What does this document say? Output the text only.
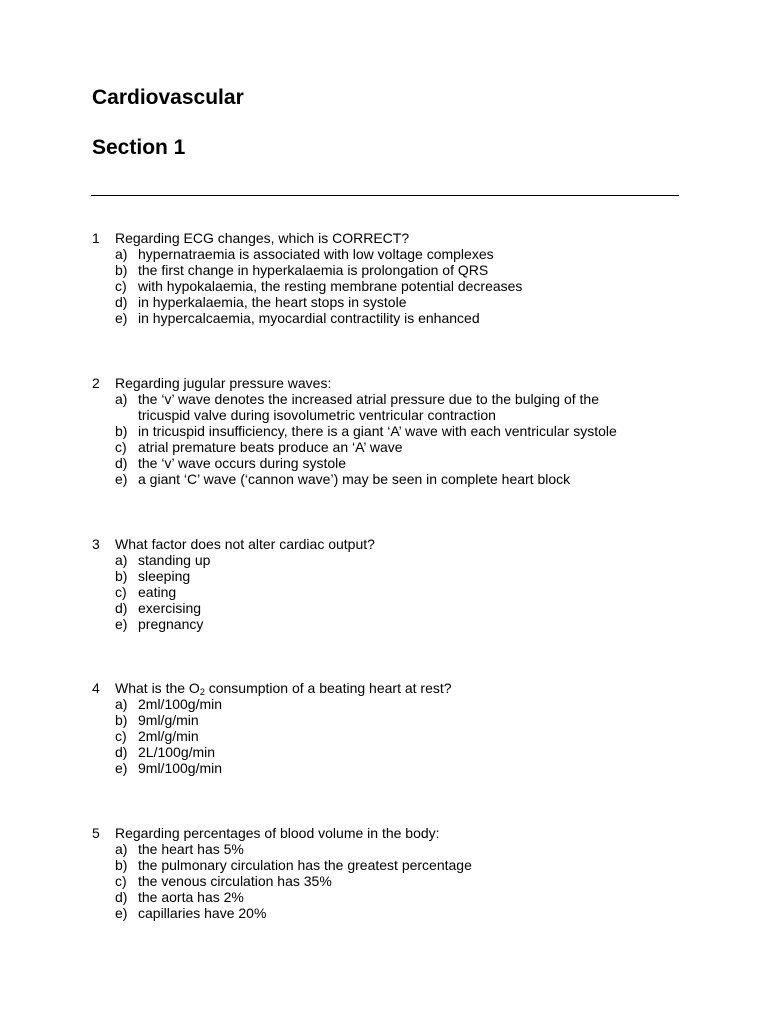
Cardiovascular
Section 1
1	Regarding ECG changes, which is CORRECT?
a) hypernatraemia is associated with low voltage complexes
b) the first change in hyperkalaemia is prolongation of QRS
c) with hypokalaemia, the resting membrane potential decreases
d) in hyperkalaemia, the heart stops in systole
e) in hypercalcaemia, myocardial contractility is enhanced
2	Regarding jugular pressure waves:
a) the ‘v’ wave denotes the increased atrial pressure due to the bulging of the tricuspid valve during isovolumetric ventricular contraction
b) in tricuspid insufficiency, there is a giant ‘A’ wave with each ventricular systole
c) atrial premature beats produce an ‘A’ wave
d) the ‘v’ wave occurs during systole
e) a giant ‘C’ wave (‘cannon wave’) may be seen in complete heart block
3	What factor does not alter cardiac output?
a) standing up
b) sleeping
c) eating
d) exercising
e) pregnancy
4	What is the $O_2$ consumption of a beating heart at rest?
a) 2ml/100g/min
b) 9ml/g/min
c) 2ml/g/min
d) 2L/100g/min
e) 9ml/100g/min
5	Regarding percentages of blood volume in the body:
a) the heart has 5%
b) the pulmonary circulation has the greatest percentage
c) the venous circulation has 35%
d) the aorta has 2%
e) capillaries have 20%
